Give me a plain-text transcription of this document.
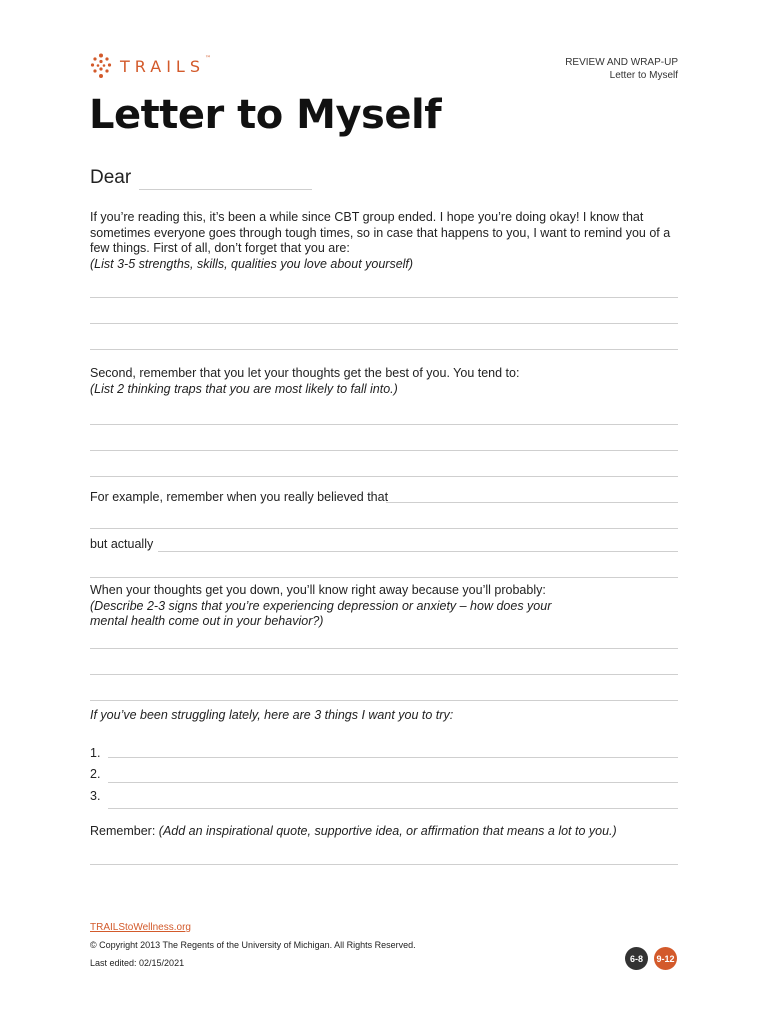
TRAILS™	REVIEW AND WRAP-UP
Letter to Myself
Letter to Myself
Dear
If you’re reading this, it’s been a while since CBT group ended. I hope you’re doing okay! I know that sometimes everyone goes through tough times, so in case that happens to you, I want to remind you of a few things. First of all, don’t forget that you are:
(List 3-5 strengths, skills, qualities you love about yourself)
Second, remember that you let your thoughts get the best of you. You tend to:
(List 2 thinking traps that you are most likely to fall into.)
For example, remember when you really believed that
but actually
When your thoughts get you down, you’ll know right away because you’ll probably:
(Describe 2-3 signs that you’re experiencing depression or anxiety – how does your mental health come out in your behavior?)
If you’ve been struggling lately, here are 3 things I want you to try:
1.
2.
3.
Remember: (Add an inspirational quote, supportive idea, or affirmation that means a lot to you.)
TRAILStoWellness.org
© Copyright 2013 The Regents of the University of Michigan. All Rights Reserved.
Last edited: 02/15/2021	6-8	9-12
